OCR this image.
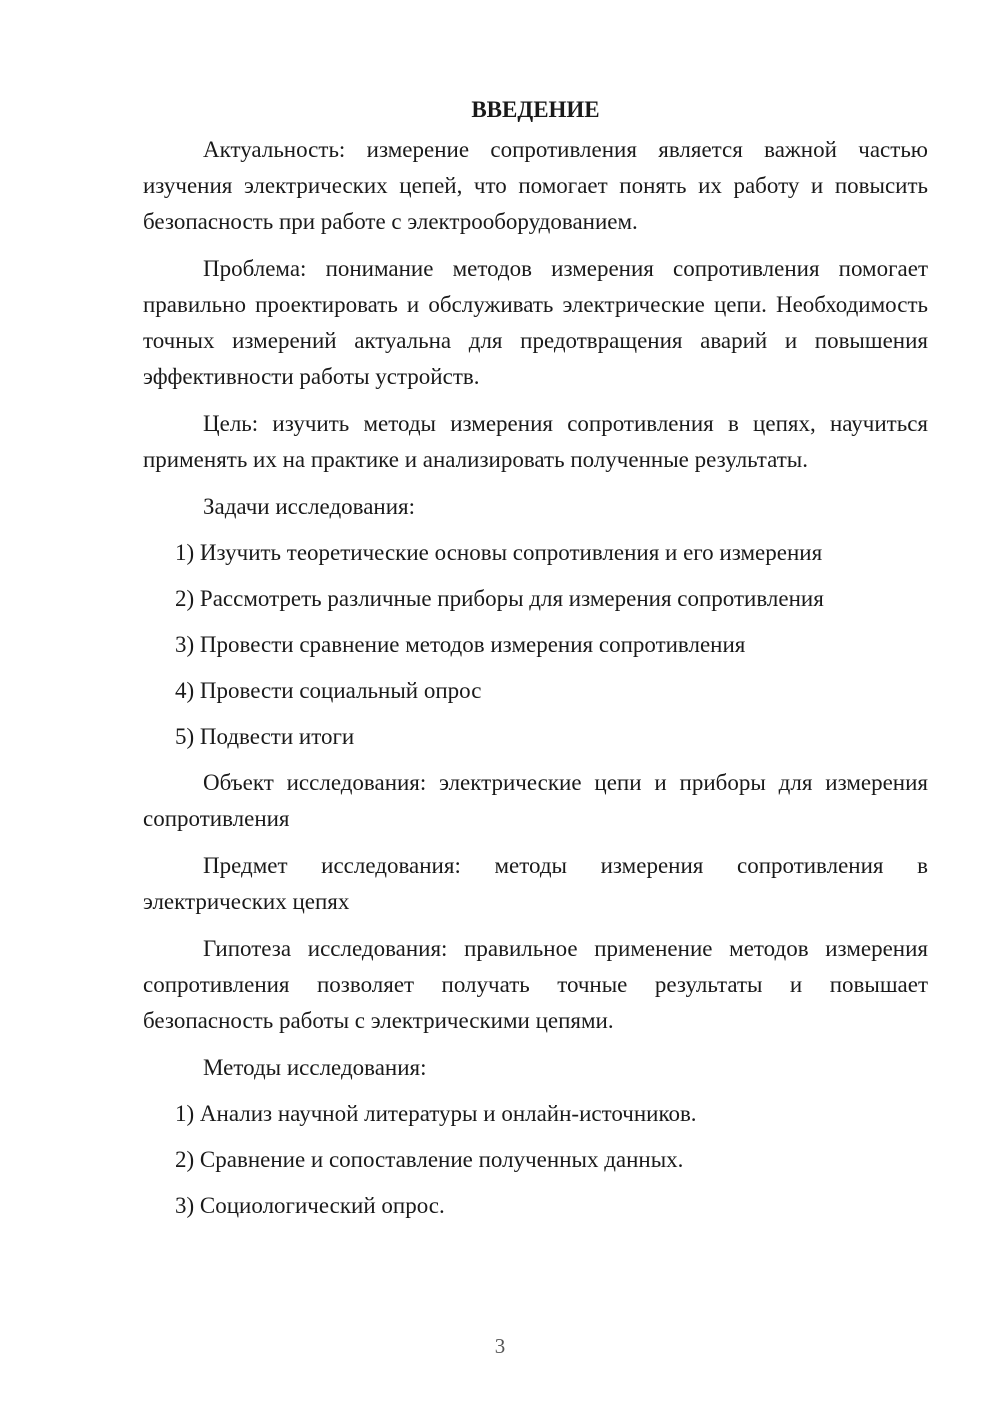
ВВЕДЕНИЕ
Актуальность: измерение сопротивления является важной частью изучения электрических цепей, что помогает понять их работу и повысить безопасность при работе с электрооборудованием.
Проблема: понимание методов измерения сопротивления помогает правильно проектировать и обслуживать электрические цепи. Необходимость точных измерений актуальна для предотвращения аварий и повышения эффективности работы устройств.
Цель: изучить методы измерения сопротивления в цепях, научиться применять их на практике и анализировать полученные результаты.
Задачи исследования:
1) Изучить теоретические основы сопротивления и его измерения
2) Рассмотреть различные приборы для измерения сопротивления
3) Провести сравнение методов измерения сопротивления
4) Провести социальный опрос
5) Подвести итоги
Объект исследования: электрические цепи и приборы для измерения сопротивления
Предмет исследования: методы измерения сопротивления в электрических цепях
Гипотеза исследования: правильное применение методов измерения сопротивления позволяет получать точные результаты и повышает безопасность работы с электрическими цепями.
Методы исследования:
1) Анализ научной литературы и онлайн-источников.
2) Сравнение и сопоставление полученных данных.
3) Социологический опрос.
3
